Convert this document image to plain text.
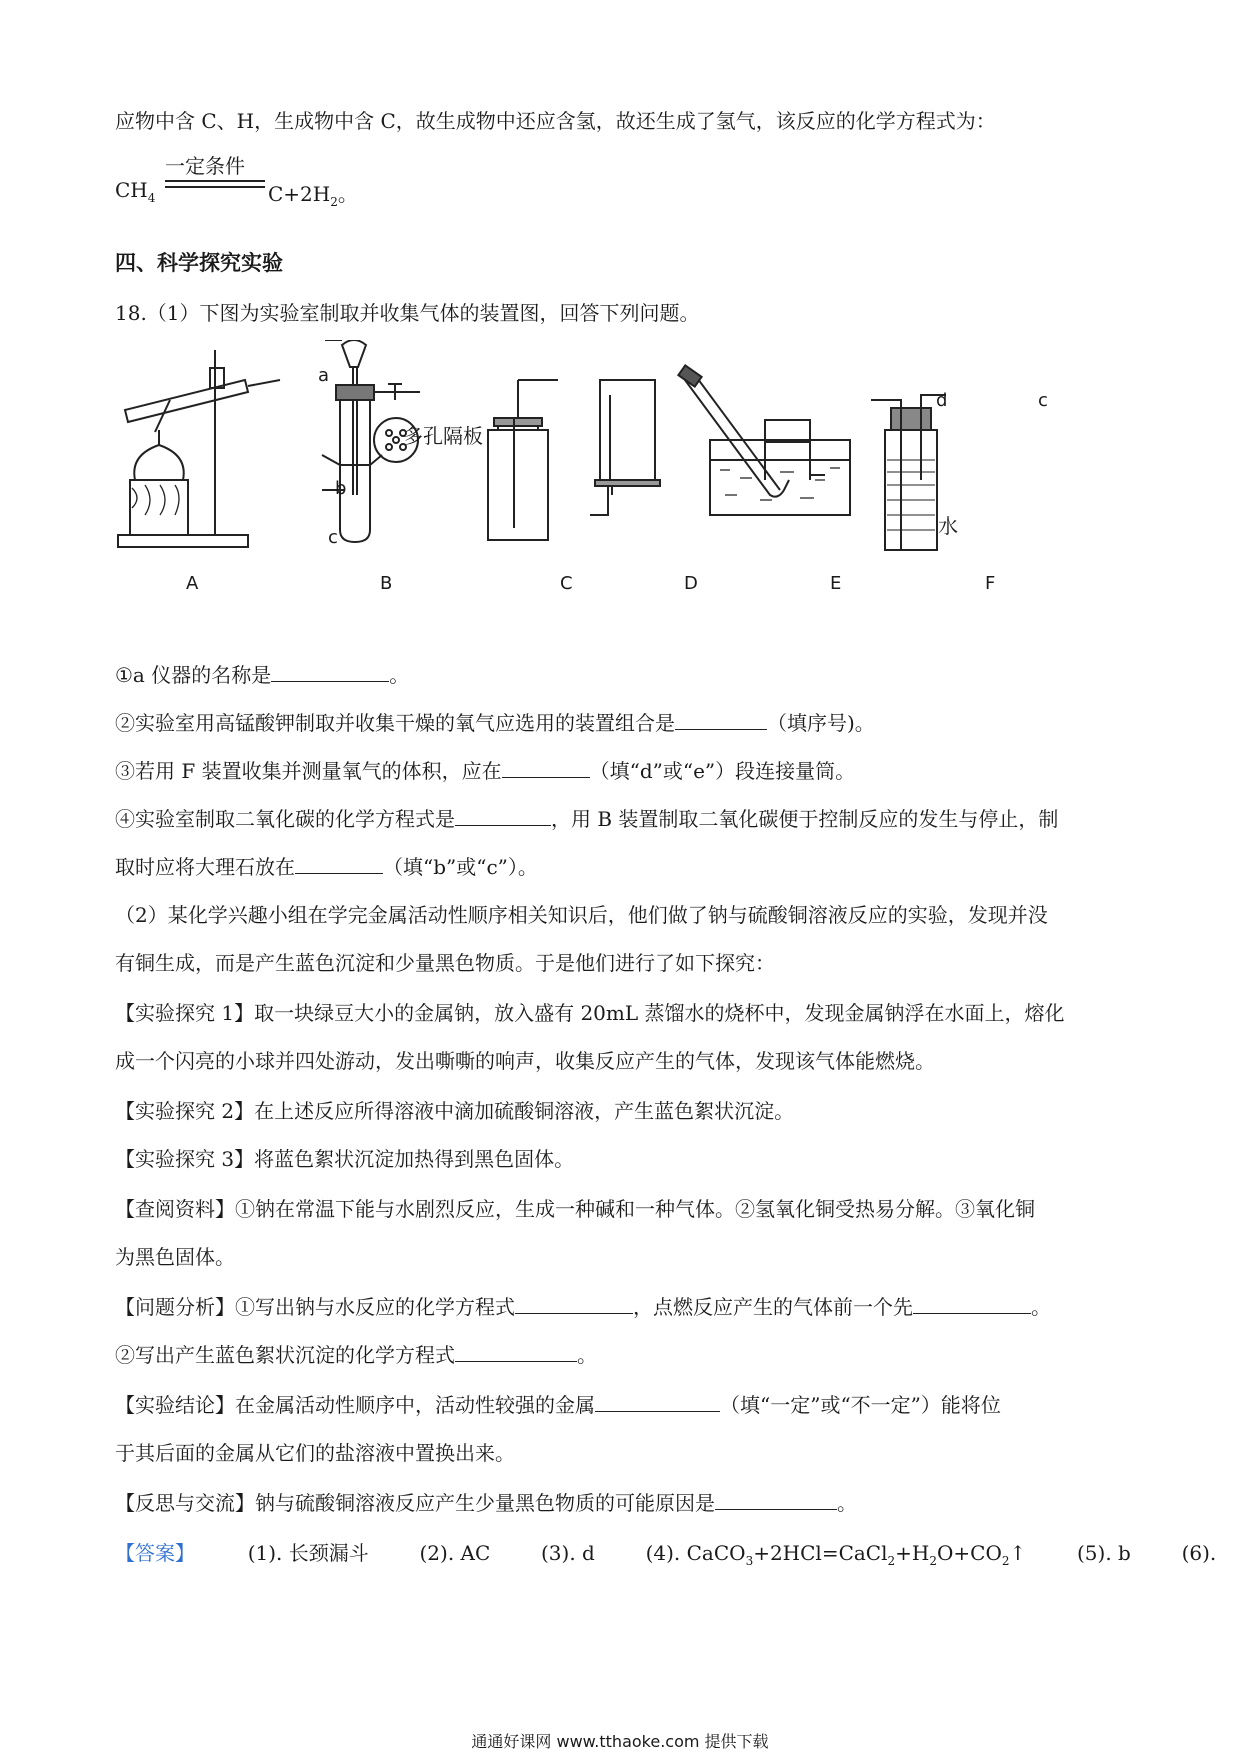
应物中含 C、H，生成物中含 C，故生成物中还应含氢，故还生成了氢气，该反应的化学方程式为：
一定条件
$CH_4$	$C+2H_2$。
四、科学探究实验
18.（1）下图为实验室制取并收集气体的装置图，回答下列问题。
A	B	C	D	E	F
a
b
c
多孔隔板
d	c
水
①a 仪器的名称是	。
②实验室用高锰酸钾制取并收集干燥的氧气应选用的装置组合是	（填序号)。
③若用 F 装置收集并测量氧气的体积，应在	（填“d”或“e”）段连接量筒。
④实验室制取二氧化碳的化学方程式是	，用 B 装置制取二氧化碳便于控制反应的发生与停止，制
取时应将大理石放在	（填“b”或“c”）。
（2）某化学兴趣小组在学完金属活动性顺序相关知识后，他们做了钠与硫酸铜溶液反应的实验，发现并没
有铜生成，而是产生蓝色沉淀和少量黑色物质。于是他们进行了如下探究：
【实验探究 1】取一块绿豆大小的金属钠，放入盛有 20mL 蒸馏水的烧杯中，发现金属钠浮在水面上，熔化
成一个闪亮的小球并四处游动，发出嘶嘶的响声，收集反应产生的气体，发现该气体能燃烧。
【实验探究 2】在上述反应所得溶液中滴加硫酸铜溶液，产生蓝色絮状沉淀。
【实验探究 3】将蓝色絮状沉淀加热得到黑色固体。
【查阅资料】①钠在常温下能与水剧烈反应，生成一种碱和一种气体。②氢氧化铜受热易分解。③氧化铜
为黑色固体。
【问题分析】①写出钠与水反应的化学方程式	，点燃反应产生的气体前一个先	。
②写出产生蓝色絮状沉淀的化学方程式	。
【实验结论】在金属活动性顺序中，活动性较强的金属	（填“一定”或“不一定”）能将位
于其后面的金属从它们的盐溶液中置换出来。
【反思与交流】钠与硫酸铜溶液反应产生少量黑色物质的可能原因是	。
【答案】	(1). 长颈漏斗	(2). AC	(3). d	(4). $CaCO_3+2HCl=CaCl_2+H_2O+CO_2↑$	(5). b	(6).
通通好课网 www.tthaoke.com 提供下载
